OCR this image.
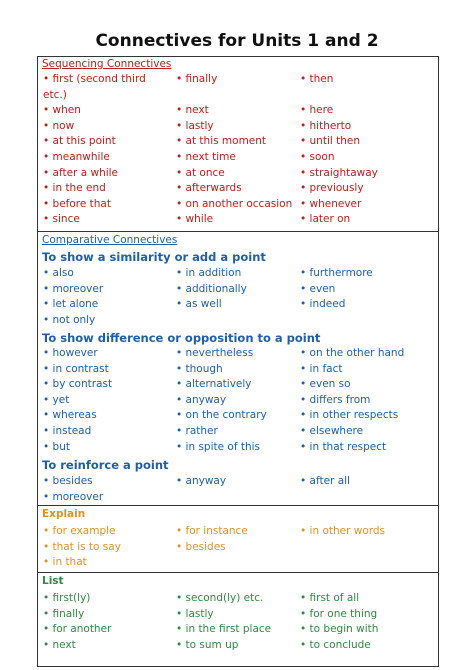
Connectives for Units 1 and 2
Sequencing Connectives
• first (second third	• finally	• then
etc.)
• when	• next	• here
• now	• lastly	• hitherto
• at this point	• at this moment	• until then
• meanwhile	• next time	• soon
• after a while	• at once	• straightaway
• in the end	• afterwards	• previously
• before that	• on another occasion • whenever
• since	• while	• later on
Comparative Connectives
To show a similarity or add a point
To show difference or opposition to a point
To reinforce a point
• also	• in addition	• furthermore
• moreover	• additionally	• even
• let alone	• as well	• indeed
• not only
• however	• nevertheless	• on the other hand
• in contrast	• though	• in fact
• by contrast	• alternatively	• even so
• yet	• anyway	• differs from
• whereas	• on the contrary	• in other respects
• instead	• rather	• elsewhere
• but	• in spite of this	• in that respect
• besides	• anyway	• after all
• moreover
Explain
• for example	• for instance	• in other words
• that is to say	• besides
• in that
List
• first(ly)	• second(ly) etc.	• first of all
• finally	• lastly	• for one thing
• for another	• in the first place	• to begin with
• next	• to sum up	• to conclude
